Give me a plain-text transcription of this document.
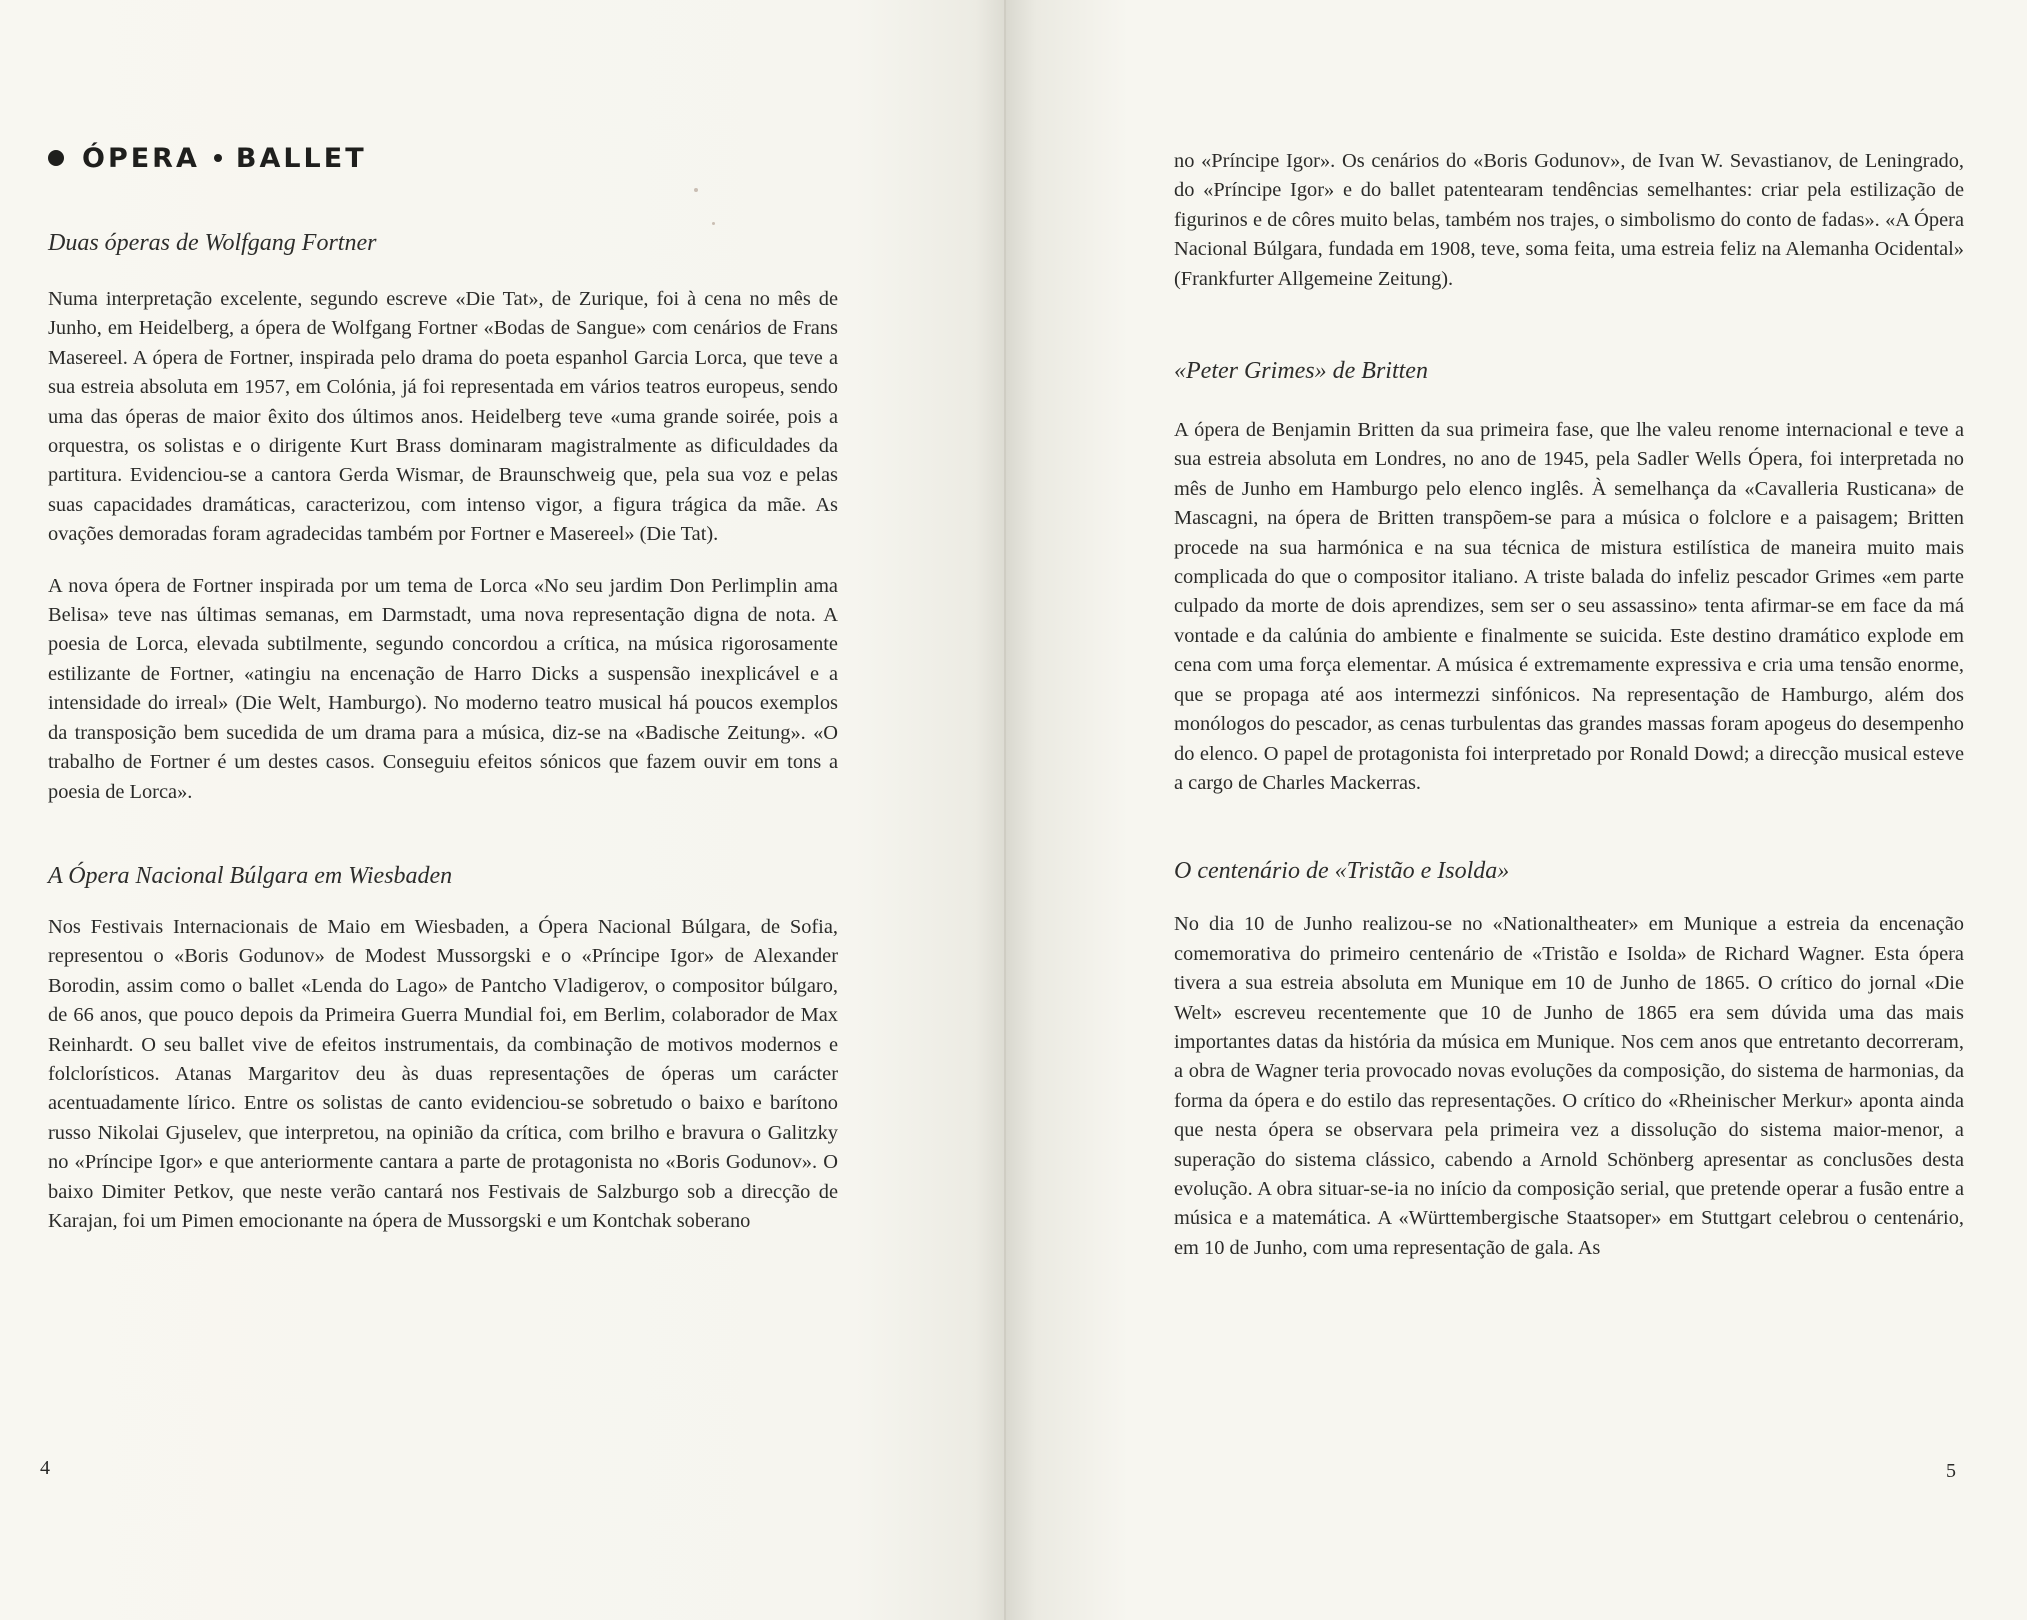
ÓPERA BALLET
Duas óperas de Wolfgang Fortner

Numa interpretação excelente, segundo escreve «Die Tat», de Zurique, foi à cena no mês de Junho, em Heidelberg, a ópera de Wolfgang Fortner «Bodas de Sangue» com cenários de Frans Masereel. A ópera de Fortner, inspirada pelo drama do poeta espanhol Garcia Lorca, que teve a sua estreia absoluta em 1957, em Colónia, já foi representada em vários teatros europeus, sendo uma das óperas de maior êxito dos últimos anos. Heidelberg teve «uma grande soirée, pois a orquestra, os solistas e o dirigente Kurt Brass dominaram magistralmente as dificuldades da partitura. Evidenciou-se a cantora Gerda Wismar, de Braunschweig que, pela sua voz e pelas suas capacidades dramáticas, caracterizou, com intenso vigor, a figura trágica da mãe. As ovações demoradas foram agradecidas também por Fortner e Masereel» (Die Tat).

A nova ópera de Fortner inspirada por um tema de Lorca «No seu jardim Don Perlimplin ama Belisa» teve nas últimas semanas, em Darmstadt, uma nova representação digna de nota. A poesia de Lorca, elevada subtilmente, segundo concordou a crítica, na música rigorosamente estilizante de Fortner, «atingiu na encenação de Harro Dicks a suspensão inexplicável e a intensidade do irreal» (Die Welt, Hamburgo). No moderno teatro musical há poucos exemplos da transposição bem sucedida de um drama para a música, diz-se na «Badische Zeitung». «O trabalho de Fortner é um destes casos. Conseguiu efeitos sónicos que fazem ouvir em tons a poesia de Lorca».

A Ópera Nacional Búlgara em Wiesbaden

Nos Festivais Internacionais de Maio em Wiesbaden, a Ópera Nacional Búlgara, de Sofia, representou o «Boris Godunov» de Modest Mussorgski e o «Príncipe Igor» de Alexander Borodin, assim como o ballet «Lenda do Lago» de Pantcho Vladigerov, o compositor búlgaro, de 66 anos, que pouco depois da Primeira Guerra Mundial foi, em Berlim, colaborador de Max Reinhardt. O seu ballet vive de efeitos instrumentais, da combinação de motivos modernos e folclorísticos. Atanas Margaritov deu às duas representações de óperas um carácter acentuadamente lírico. Entre os solistas de canto evidenciou-se sobretudo o baixo e barítono russo Nikolai Gjuselev, que interpretou, na opinião da crítica, com brilho e bravura o Galitzky no «Príncipe Igor» e que anteriormente cantara a parte de protagonista no «Boris Godunov». O baixo Dimiter Petkov, que neste verão cantará nos Festivais de Salzburgo sob a direcção de Karajan, foi um Pimen emocionante na ópera de Mussorgski e um Kontchak soberano

4

no «Príncipe Igor». Os cenários do «Boris Godunov», de Ivan W. Sevastianov, de Leningrado, do «Príncipe Igor» e do ballet patentearam tendências semelhantes: criar pela estilização de figurinos e de côres muito belas, também nos trajes, o simbolismo do conto de fadas». «A Ópera Nacional Búlgara, fundada em 1908, teve, soma feita, uma estreia feliz na Alemanha Ocidental» (Frankfurter Allgemeine Zeitung).

«Peter Grimes» de Britten

A ópera de Benjamin Britten da sua primeira fase, que lhe valeu renome internacional e teve a sua estreia absoluta em Londres, no ano de 1945, pela Sadler Wells Ópera, foi interpretada no mês de Junho em Hamburgo pelo elenco inglês. À semelhança da «Cavalleria Rusticana» de Mascagni, na ópera de Britten transpõem-se para a música o folclore e a paisagem; Britten procede na sua harmónica e na sua técnica de mistura estilística de maneira muito mais complicada do que o compositor italiano. A triste balada do infeliz pescador Grimes «em parte culpado da morte de dois aprendizes, sem ser o seu assassino» tenta afirmar-se em face da má vontade e da calúnia do ambiente e finalmente se suicida. Este destino dramático explode em cena com uma força elementar. A música é extremamente expressiva e cria uma tensão enorme, que se propaga até aos intermezzi sinfónicos. Na representação de Hamburgo, além dos monólogos do pescador, as cenas turbulentas das grandes massas foram apogeus do desempenho do elenco. O papel de protagonista foi interpretado por Ronald Dowd; a direcção musical esteve a cargo de Charles Mackerras.

O centenário de «Tristão e Isolda»

No dia 10 de Junho realizou-se no «Nationaltheater» em Munique a estreia da encenação comemorativa do primeiro centenário de «Tristão e Isolda» de Richard Wagner. Esta ópera tivera a sua estreia absoluta em Munique em 10 de Junho de 1865. O crítico do jornal «Die Welt» escreveu recentemente que 10 de Junho de 1865 era sem dúvida uma das mais importantes datas da história da música em Munique. Nos cem anos que entretanto decorreram, a obra de Wagner teria provocado novas evoluções da composição, do sistema de harmonias, da forma da ópera e do estilo das representações. O crítico do «Rheinischer Merkur» aponta ainda que nesta ópera se observara pela primeira vez a dissolução do sistema maior-menor, a superação do sistema clássico, cabendo a Arnold Schönberg apresentar as conclusões desta evolução. A obra situar-se-ia no início da composição serial, que pretende operar a fusão entre a música e a matemática. A «Württembergische Staatsoper» em Stuttgart celebrou o centenário, em 10 de Junho, com uma representação de gala. As

5
